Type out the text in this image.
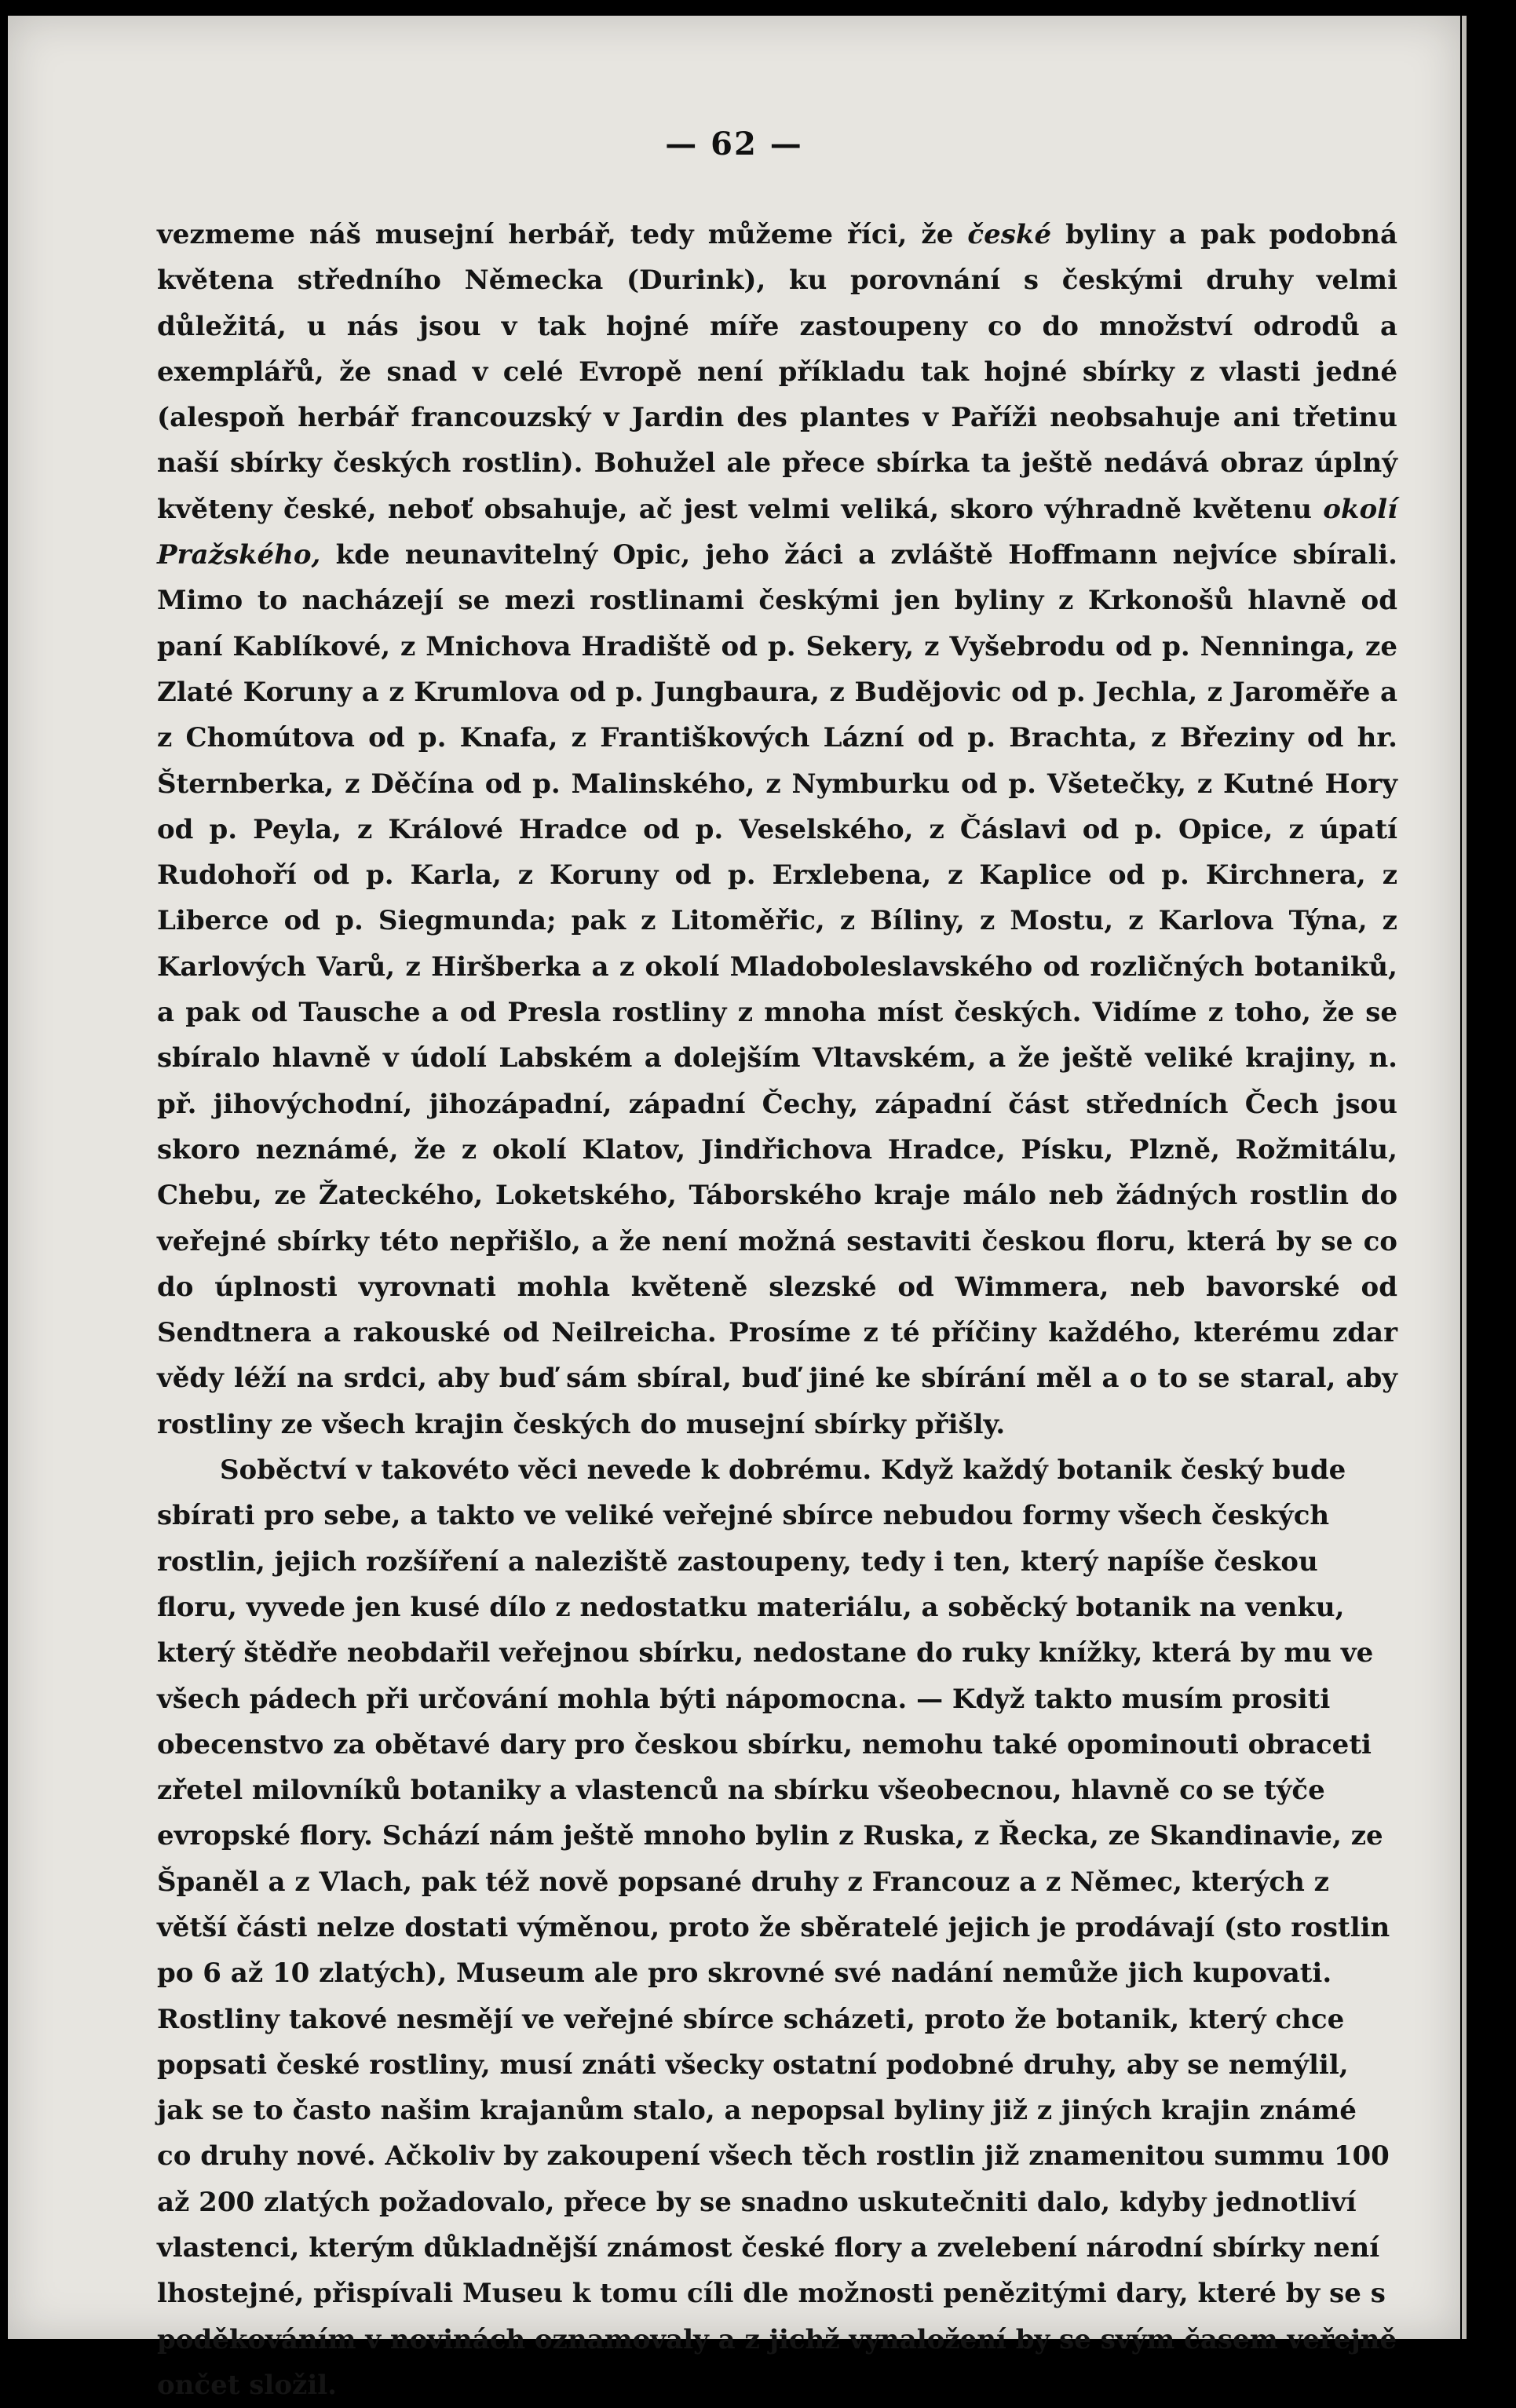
— 62 —

vezmeme náš musejní herbář, tedy můžeme říci, že české byliny a pak podobná květena středního Německa (Durink), ku porovnání s českými druhy velmi důležitá, u nás jsou v tak hojné míře zastoupeny co do množství odrodů a exemplářů, že snad v celé Evropě není příkladu tak hojné sbírky z vlasti jedné (alespoň herbář francouzský v Jardin des plantes v Paříži neobsahuje ani třetinu naší sbírky českých rostlin). Bohužel ale přece sbírka ta ještě nedává obraz úplný květeny české, neboť obsahuje, ač jest velmi veliká, skoro výhradně květenu okolí Pražského, kde neunavitelný Opic, jeho žáci a zvláště Hoffmann nejvíce sbírali. Mimo to nacházejí se mezi rostlinami českými jen byliny z Krkonošů hlavně od paní Kablíkové, z Mnichova Hradiště od p. Sekery, z Vyšebrodu od p. Nenninga, ze Zlaté Koruny a z Krumlova od p. Jungbaura, z Budějovic od p. Jechla, z Jaroměře a z Chomútova od p. Knafa, z Františkových Lázní od p. Brachta, z Březiny od hr. Šternberka, z Děčína od p. Malinského, z Nymburku od p. Všetečky, z Kutné Hory od p. Peyla, z Králové Hradce od p. Veselského, z Čáslavi od p. Opice, z úpatí Rudohoří od p. Karla, z Koruny od p. Erxlebena, z Kaplice od p. Kirchnera, z Liberce od p. Siegmunda; pak z Litoměřic, z Bíliny, z Mostu, z Karlova Týna, z Karlových Varů, z Hiršberka a z okolí Mladoboleslavského od rozličných botaniků, a pak od Tausche a od Presla rostliny z mnoha míst českých. Vidíme z toho, že se sbíralo hlavně v údolí Labském a dolejším Vltavském, a že ještě veliké krajiny, n. př. jihovýchodní, jihozápadní, západní Čechy, západní část středních Čech jsou skoro neznámé, že z okolí Klatov, Jindřichova Hradce, Písku, Plzně, Rožmitálu, Chebu, ze Žateckého, Loketského, Táborského kraje málo neb žádných rostlin do veřejné sbírky této nepřišlo, a že není možná sestaviti českou floru, která by se co do úplnosti vyrovnati mohla květeně slezské od Wimmera, neb bavorské od Sendtnera a rakouské od Neilreicha. Prosíme z té příčiny každého, kterému zdar vědy léží na srdci, aby buď sám sbíral, buď jiné ke sbírání měl a o to se staral, aby rostliny ze všech krajin českých do musejní sbírky přišly.

Soběctví v takovéto věci nevede k dobrému. Když každý botanik český bude sbírati pro sebe, a takto ve veliké veřejné sbírce nebudou formy všech českých rostlin, jejich rozšíření a naleziště zastoupeny, tedy i ten, který napíše českou floru, vyvede jen kusé dílo z nedostatku materiálu, a soběcký botanik na venku, který štědře neobdařil veřejnou sbírku, nedostane do ruky knížky, která by mu ve všech pádech při určování mohla býti nápomocna. — Když takto musím prositi obecenstvo za obětavé dary pro českou sbírku, nemohu také opominouti obraceti zřetel milovníků botaniky a vlastenců na sbírku všeobecnou, hlavně co se týče evropské flory. Schází nám ještě mnoho bylin z Ruska, z Řecka, ze Skandinavie, ze Španěl a z Vlach, pak též nově popsané druhy z Francouz a z Němec, kterých z větší části nelze dostati výměnou, proto že sběratelé jejich je prodávají (sto rostlin po 6 až 10 zlatých), Museum ale pro skrovné své nadání nemůže jich kupovati. Rostliny takové nesmějí ve veřejné sbírce scházeti, proto že botanik, který chce popsati české rostliny, musí znáti všecky ostatní podobné druhy, aby se nemýlil, jak se to často našim krajanům stalo, a nepopsal byliny již z jiných krajin známé co druhy nové. Ačkoliv by zakoupení všech těch rostlin již znamenitou summu 100 až 200 zlatých požadovalo, přece by se snadno uskutečniti dalo, kdyby jednotliví vlastenci, kterým důkladnější známost české flory a zvelebení národní sbírky není lhostejné, přispívali Museu k tomu cíli dle možnosti penězitými dary, které by se s poděkováním v novinách oznamovaly a z jichž vynaložení by se svým časem veřejně ončet složil.
